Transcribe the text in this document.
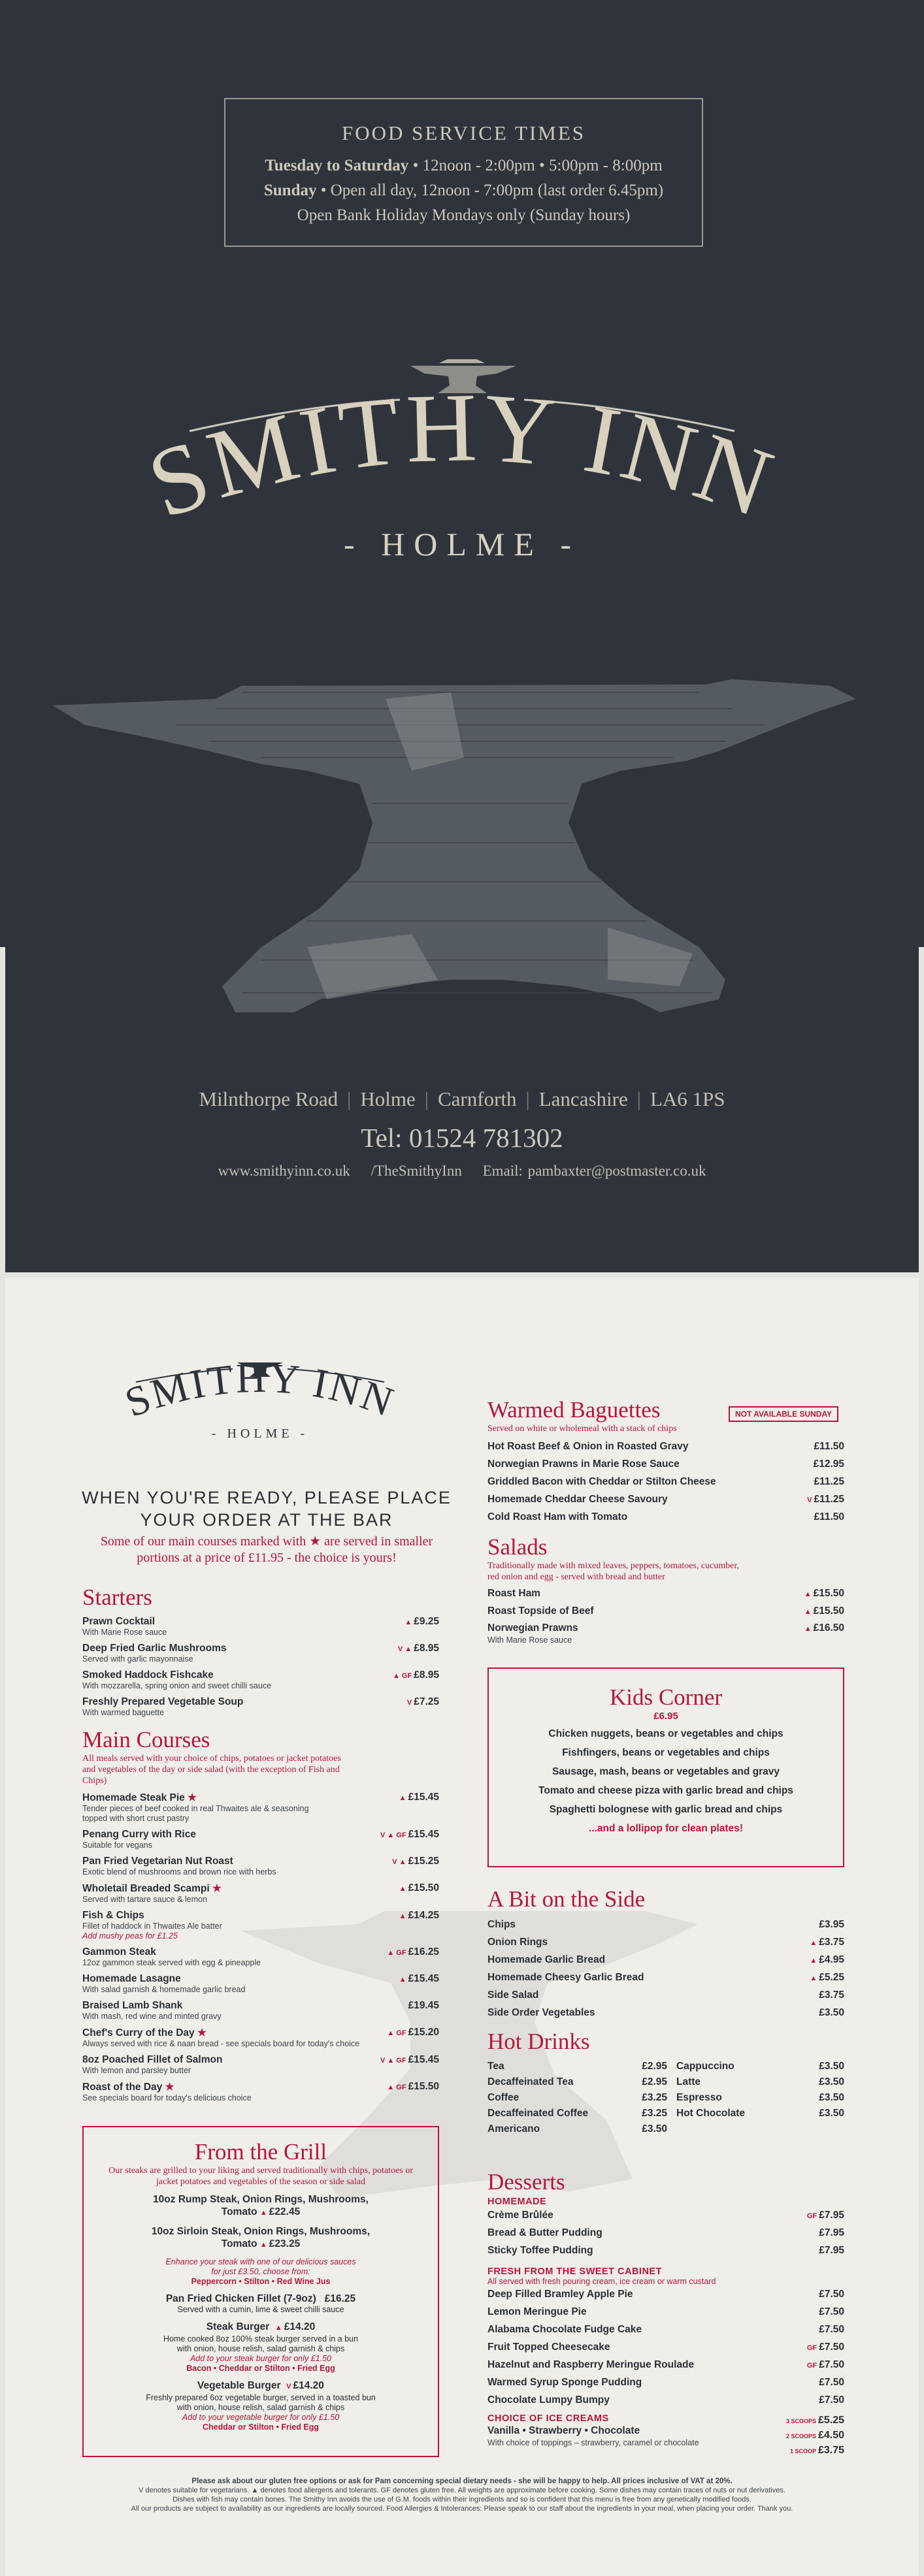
FOOD SERVICE TIMES
Tuesday to Saturday • 12noon - 2:00pm • 5:00pm - 8:00pm
Sunday • Open all day, 12noon - 7:00pm (last order 6.45pm)
Open Bank Holiday Mondays only (Sunday hours)
SMITHY INN
- HOLME -
Milnthorpe Road | Holme | Carnforth | Lancashire | LA6 1PS
Tel: 01524 781302
www.smithyinn.co.uk /TheSmithyInn Email: pambaxter@postmaster.co.uk
SMITHY INN
- HOLME -
WHEN YOU'RE READY, PLEASE PLACE
YOUR ORDER AT THE BAR
Some of our main courses marked with ★ are served in smaller
portions at a price of £11.95 - the choice is yours!
Starters
Prawn Cocktail
With Marie Rose sauce
▲ £9.25
Deep Fried Garlic Mushrooms
Served with garlic mayonnaise
V ▲ £8.95
Smoked Haddock Fishcake
With mozzarella, spring onion and sweet chilli sauce
▲ GF £8.95
Freshly Prepared Vegetable Soup
With warmed baguette
V £7.25
Main Courses
All meals served with your choice of chips, potatoes or jacket potatoes and vegetables of the day or side salad (with the exception of Fish and Chips)
Homemade Steak Pie ★
Tender pieces of beef cooked in real Thwaites ale & seasoning topped with short crust pastry
▲ £15.45
Penang Curry with Rice
Suitable for vegans
V ▲ GF £15.45
Pan Fried Vegetarian Nut Roast
Exotic blend of mushrooms and brown rice with herbs
V ▲ £15.25
Wholetail Breaded Scampi ★
Served with tartare sauce & lemon
▲ £15.50
Fish & Chips
Fillet of haddock in Thwaites Ale batter
Add mushy peas for £1.25
▲ £14.25
Gammon Steak
12oz gammon steak served with egg & pineapple
▲ GF £16.25
Homemade Lasagne
With salad garnish & homemade garlic bread
▲ £15.45
Braised Lamb Shank
With mash, red wine and minted gravy
£19.45
Chef's Curry of the Day ★
Always served with rice & naan bread - see specials board for today's choice
▲ GF £15.20
8oz Poached Fillet of Salmon
With lemon and parsley butter
V ▲ GF £15.45
Roast of the Day ★
See specials board for today's delicious choice
▲ GF £15.50
From the Grill
Our steaks are grilled to your liking and served traditionally with chips, potatoes or jacket potatoes and vegetables of the season or side salad
10oz Rump Steak, Onion Rings, Mushrooms,
Tomato ▲ £22.45
10oz Sirloin Steak, Onion Rings, Mushrooms,
Tomato ▲ £23.25
Enhance your steak with one of our delicious sauces
for just £3.50, choose from:
Peppercorn • Stilton • Red Wine Jus
Pan Fried Chicken Fillet (7-9oz) £16.25
Served with a cumin, lime & sweet chilli sauce
Steak Burger ▲ £14.20
Home cooked 8oz 100% steak burger served in a bun
with onion, house relish, salad garnish & chips
Add to your steak burger for only £1.50
Bacon • Cheddar or Stilton • Fried Egg
Vegetable Burger V £14.20
Freshly prepared 6oz vegetable burger, served in a toasted bun
with onion, house relish, salad garnish & chips
Add to your vegetable burger for only £1.50
Cheddar or Stilton • Fried Egg
Warmed Baguettes
Served on white or wholemeal with a stack of chips
Hot Roast Beef & Onion in Roasted Gravy	£11.50
Norwegian Prawns in Marie Rose Sauce	£12.95
Griddled Bacon with Cheddar or Stilton Cheese	£11.25
Homemade Cheddar Cheese Savoury	V £11.25
Cold Roast Ham with Tomato	£11.50
NOT AVAILABLE SUNDAY
Salads
Traditionally made with mixed leaves, peppers, tomatoes, cucumber, red onion and egg - served with bread and butter
Roast Ham	▲ £15.50
Roast Topside of Beef	▲ £15.50
Norwegian Prawns	▲ £16.50
With Marie Rose sauce
Kids Corner
£6.95
Chicken nuggets, beans or vegetables and chips
Fishfingers, beans or vegetables and chips
Sausage, mash, beans or vegetables and gravy
Tomato and cheese pizza with garlic bread and chips
Spaghetti bolognese with garlic bread and chips
...and a lollipop for clean plates!
A Bit on the Side
Chips	£3.95
Onion Rings	▲ £3.75
Homemade Garlic Bread	▲ £4.95
Homemade Cheesy Garlic Bread	▲ £5.25
Side Salad	£3.75
Side Order Vegetables	£3.50
Hot Drinks
Tea	£2.95 Cappuccino	£3.50
Decaffeinated Tea	£2.95 Latte	£3.50
Coffee	£3.25 Espresso	£3.50
Decaffeinated Coffee	£3.25 Hot Chocolate	£3.50
Americano	£3.50
Desserts
HOMEMADE
Crème Brûlée	GF £7.95
Bread & Butter Pudding	£7.95
Sticky Toffee Pudding	£7.95
FRESH FROM THE SWEET CABINET
All served with fresh pouring cream, ice cream or warm custard
Deep Filled Bramley Apple Pie	£7.50
Lemon Meringue Pie	£7.50
Alabama Chocolate Fudge Cake	£7.50
Fruit Topped Cheesecake	GF £7.50
Hazelnut and Raspberry Meringue Roulade	GF £7.50
Warmed Syrup Sponge Pudding	£7.50
Chocolate Lumpy Bumpy	£7.50
CHOICE OF ICE CREAMS
Vanilla • Strawberry • Chocolate
With choice of toppings – strawberry, caramel or chocolate
3 SCOOPS £5.25
2 SCOOPS £4.50
1 SCOOP £3.75
Please ask about our gluten free options or ask for Pam concerning special dietary needs - she will be happy to help. All prices inclusive of VAT at 20%.
V denotes suitable for vegetarians. ▲ denotes food allergens and tolerants. GF denotes gluten free. All weights are approximate before cooking. Some dishes may contain traces of nuts or nut derivatives.
Dishes with fish may contain bones. The Smithy Inn avoids the use of G.M. foods within their ingredients and so is confident that this menu is free from any genetically modified foods.
All our products are subject to availability as our ingredients are locally sourced. Food Allergies & Intolerances: Please speak to our staff about the ingredients in your meal, when placing your order. Thank you.
